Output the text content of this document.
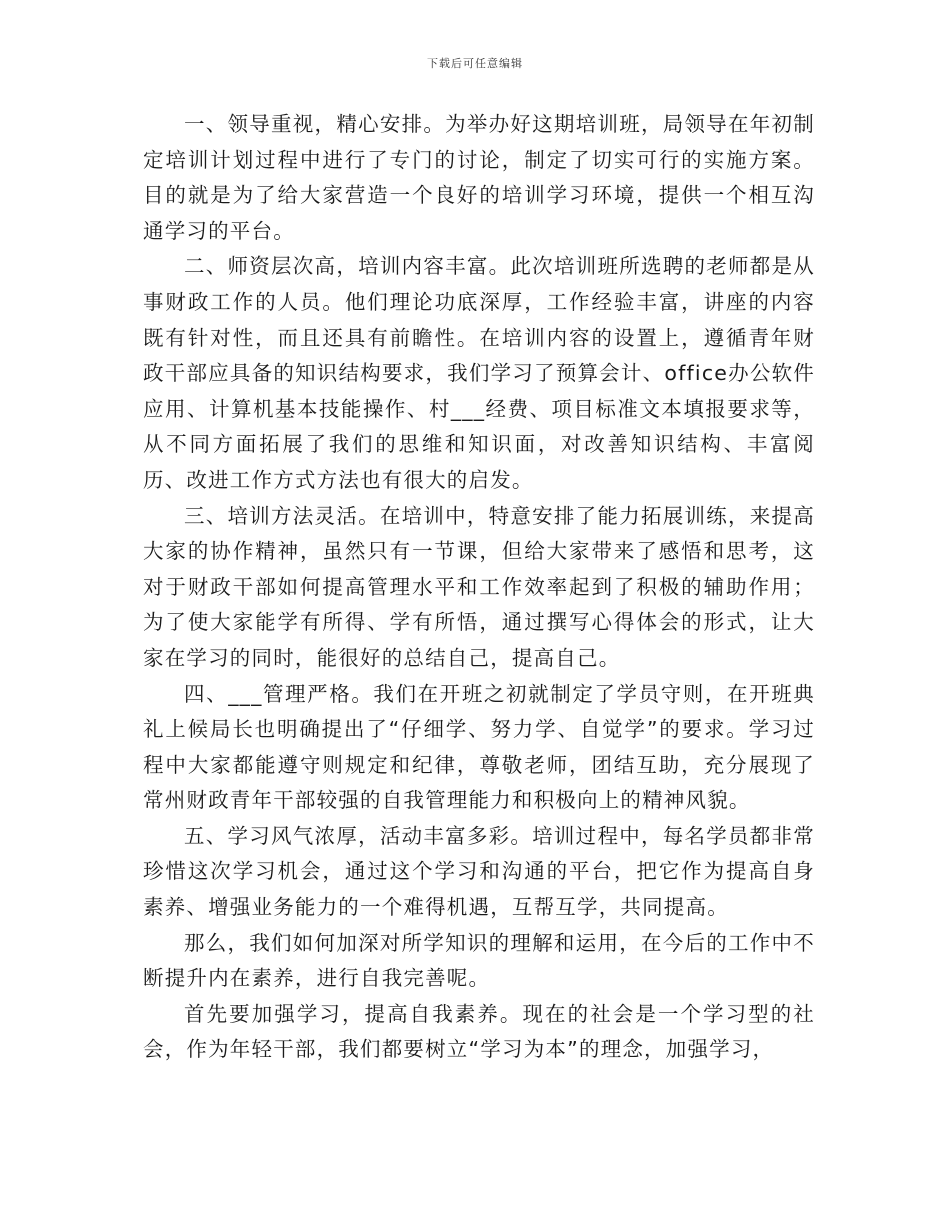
下载后可任意编辑

一、领导重视，精心安排。为举办好这期培训班，局领导在年初制定培训计划过程中进行了专门的讨论，制定了切实可行的实施方案。目的就是为了给大家营造一个良好的培训学习环境，提供一个相互沟通学习的平台。

二、师资层次高，培训内容丰富。此次培训班所选聘的老师都是从事财政工作的人员。他们理论功底深厚，工作经验丰富，讲座的内容既有针对性，而且还具有前瞻性。在培训内容的设置上，遵循青年财政干部应具备的知识结构要求，我们学习了预算会计、office办公软件应用、计算机基本技能操作、村___经费、项目标准文本填报要求等，从不同方面拓展了我们的思维和知识面，对改善知识结构、丰富阅历、改进工作方式方法也有很大的启发。

三、培训方法灵活。在培训中，特意安排了能力拓展训练，来提高大家的协作精神，虽然只有一节课，但给大家带来了感悟和思考，这对于财政干部如何提高管理水平和工作效率起到了积极的辅助作用；为了使大家能学有所得、学有所悟，通过撰写心得体会的形式，让大家在学习的同时，能很好的总结自己，提高自己。

四、___管理严格。我们在开班之初就制定了学员守则，在开班典礼上候局长也明确提出了“仔细学、努力学、自觉学”的要求。学习过程中大家都能遵守则规定和纪律，尊敬老师，团结互助，充分展现了常州财政青年干部较强的自我管理能力和积极向上的精神风貌。

五、学习风气浓厚，活动丰富多彩。培训过程中，每名学员都非常珍惜这次学习机会，通过这个学习和沟通的平台，把它作为提高自身素养、增强业务能力的一个难得机遇，互帮互学，共同提高。

那么，我们如何加深对所学知识的理解和运用，在今后的工作中不断提升内在素养，进行自我完善呢。

首先要加强学习，提高自我素养。现在的社会是一个学习型的社会，作为年轻干部，我们都要树立“学习为本”的理念，加强学习，
